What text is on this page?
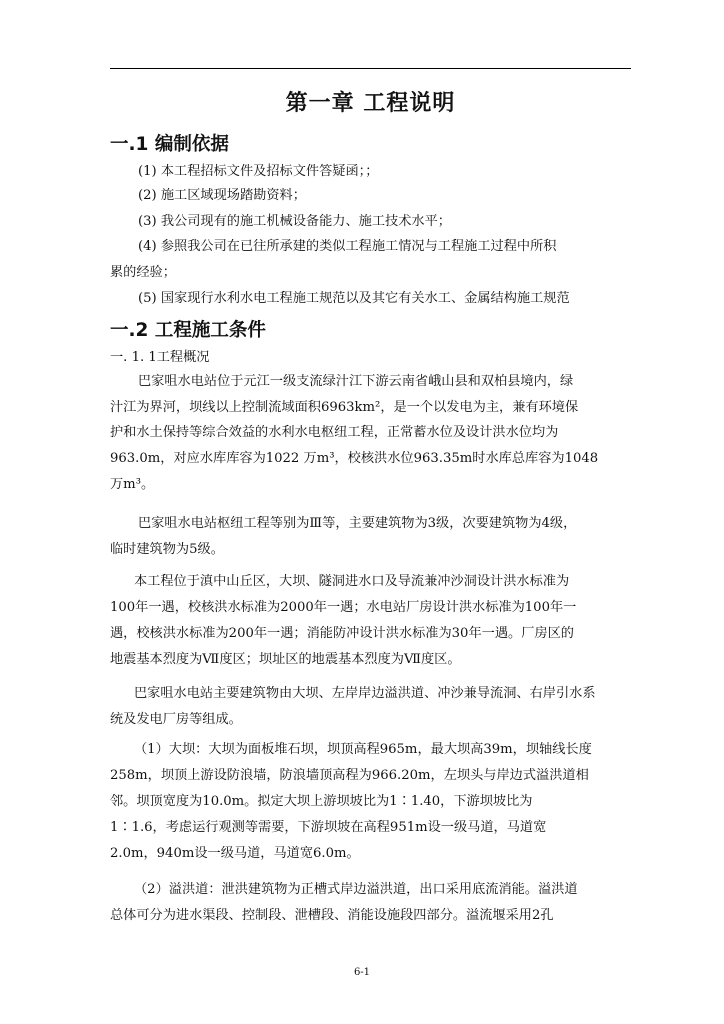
第一章 工程说明
一.1 编制依据
(1) 本工程招标文件及招标文件答疑函；；
(2) 施工区域现场踏勘资料；
(3) 我公司现有的施工机械设备能力、施工技术水平；
(4) 参照我公司在已往所承建的类似工程施工情况与工程施工过程中所积
累的经验；
(5) 国家现行水利水电工程施工规范以及其它有关水工、金属结构施工规范
一.2 工程施工条件
一. 1. 1工程概况
巴家咀水电站位于元江一级支流绿汁江下游云南省峨山县和双柏县境内，绿
汁江为界河，坝线以上控制流域面积6963km²，是一个以发电为主，兼有环境保
护和水土保持等综合效益的水利水电枢纽工程，正常蓄水位及设计洪水位均为
963.0m，对应水库库容为1022 万m³，校核洪水位963.35m时水库总库容为1048
万m³。
巴家咀水电站枢纽工程等别为Ⅲ等，主要建筑物为3级，次要建筑物为4级，
临时建筑物为5级。
本工程位于滇中山丘区，大坝、隧洞进水口及导流兼冲沙洞设计洪水标准为
100年一遇，校核洪水标准为2000年一遇；水电站厂房设计洪水标准为100年一
遇，校核洪水标准为200年一遇；消能防冲设计洪水标准为30年一遇。厂房区的
地震基本烈度为Ⅶ度区；坝址区的地震基本烈度为Ⅶ度区。
巴家咀水电站主要建筑物由大坝、左岸岸边溢洪道、冲沙兼导流洞、右岸引水系
统及发电厂房等组成。
（1）大坝：大坝为面板堆石坝，坝顶高程965m，最大坝高39m，坝轴线长度
258m，坝顶上游设防浪墙，防浪墙顶高程为966.20m，左坝头与岸边式溢洪道相
邻。坝顶宽度为10.0m。拟定大坝上游坝坡比为1∶1.40，下游坝坡比为
1∶1.6，考虑运行观测等需要，下游坝坡在高程951m设一级马道，马道宽
2.0m，940m设一级马道，马道宽6.0m。
（2）溢洪道：泄洪建筑物为正槽式岸边溢洪道，出口采用底流消能。溢洪道
总体可分为进水渠段、控制段、泄槽段、消能设施段四部分。溢流堰采用2孔
6-1
